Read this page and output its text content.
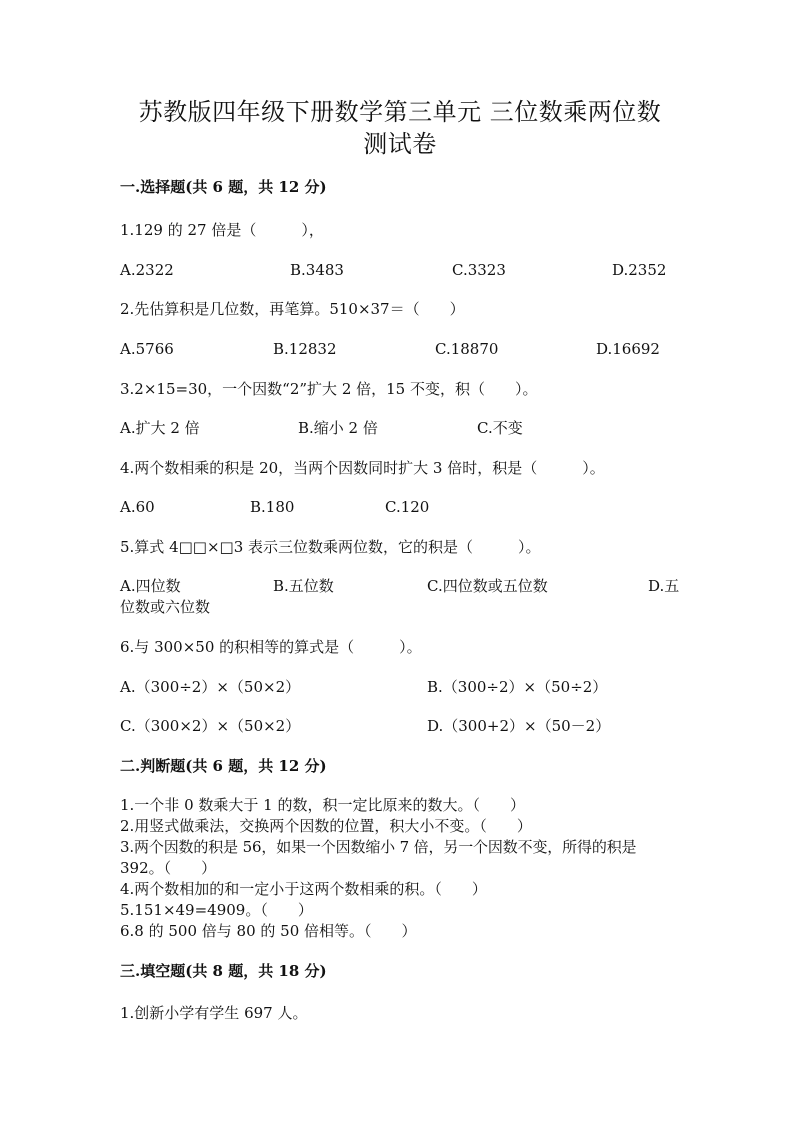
苏教版四年级下册数学第三单元 三位数乘两位数
测试卷
一.选择题(共 6 题，共 12 分)
1.129 的 27 倍是（　　　），
A.2322	B.3483	C.3323	D.2352
2.先估算积是几位数，再笔算。510×37＝（　　）
A.5766	B.12832	C.18870	D.16692
3.2×15=30，一个因数“2”扩大 2 倍，15 不变，积（　　）。
A.扩大 2 倍	B.缩小 2 倍	C.不变
4.两个数相乘的积是 20，当两个因数同时扩大 3 倍时，积是（　　　）。
A.60	B.180	C.120
5.算式 4□□×□3 表示三位数乘两位数，它的积是（　　　）。
A.四位数	B.五位数	C.四位数或五位数	D.五
位数或六位数
6.与 300×50 的积相等的算式是（　　　）。
A.（300÷2）×（50×2）	B.（300÷2）×（50÷2）
C.（300×2）×（50×2）	D.（300+2）×（50－2）
二.判断题(共 6 题，共 12 分)
1.一个非 0 数乘大于 1 的数，积一定比原来的数大。（　　）
2.用竖式做乘法，交换两个因数的位置，积大小不变。（　　）
3.两个因数的积是 56，如果一个因数缩小 7 倍，另一个因数不变，所得的积是
392。（　　）
4.两个数相加的和一定小于这两个数相乘的积。（　　）
5.151×49=4909。（　　）
6.8 的 500 倍与 80 的 50 倍相等。（　　）
三.填空题(共 8 题，共 18 分)
1.创新小学有学生 697 人。
